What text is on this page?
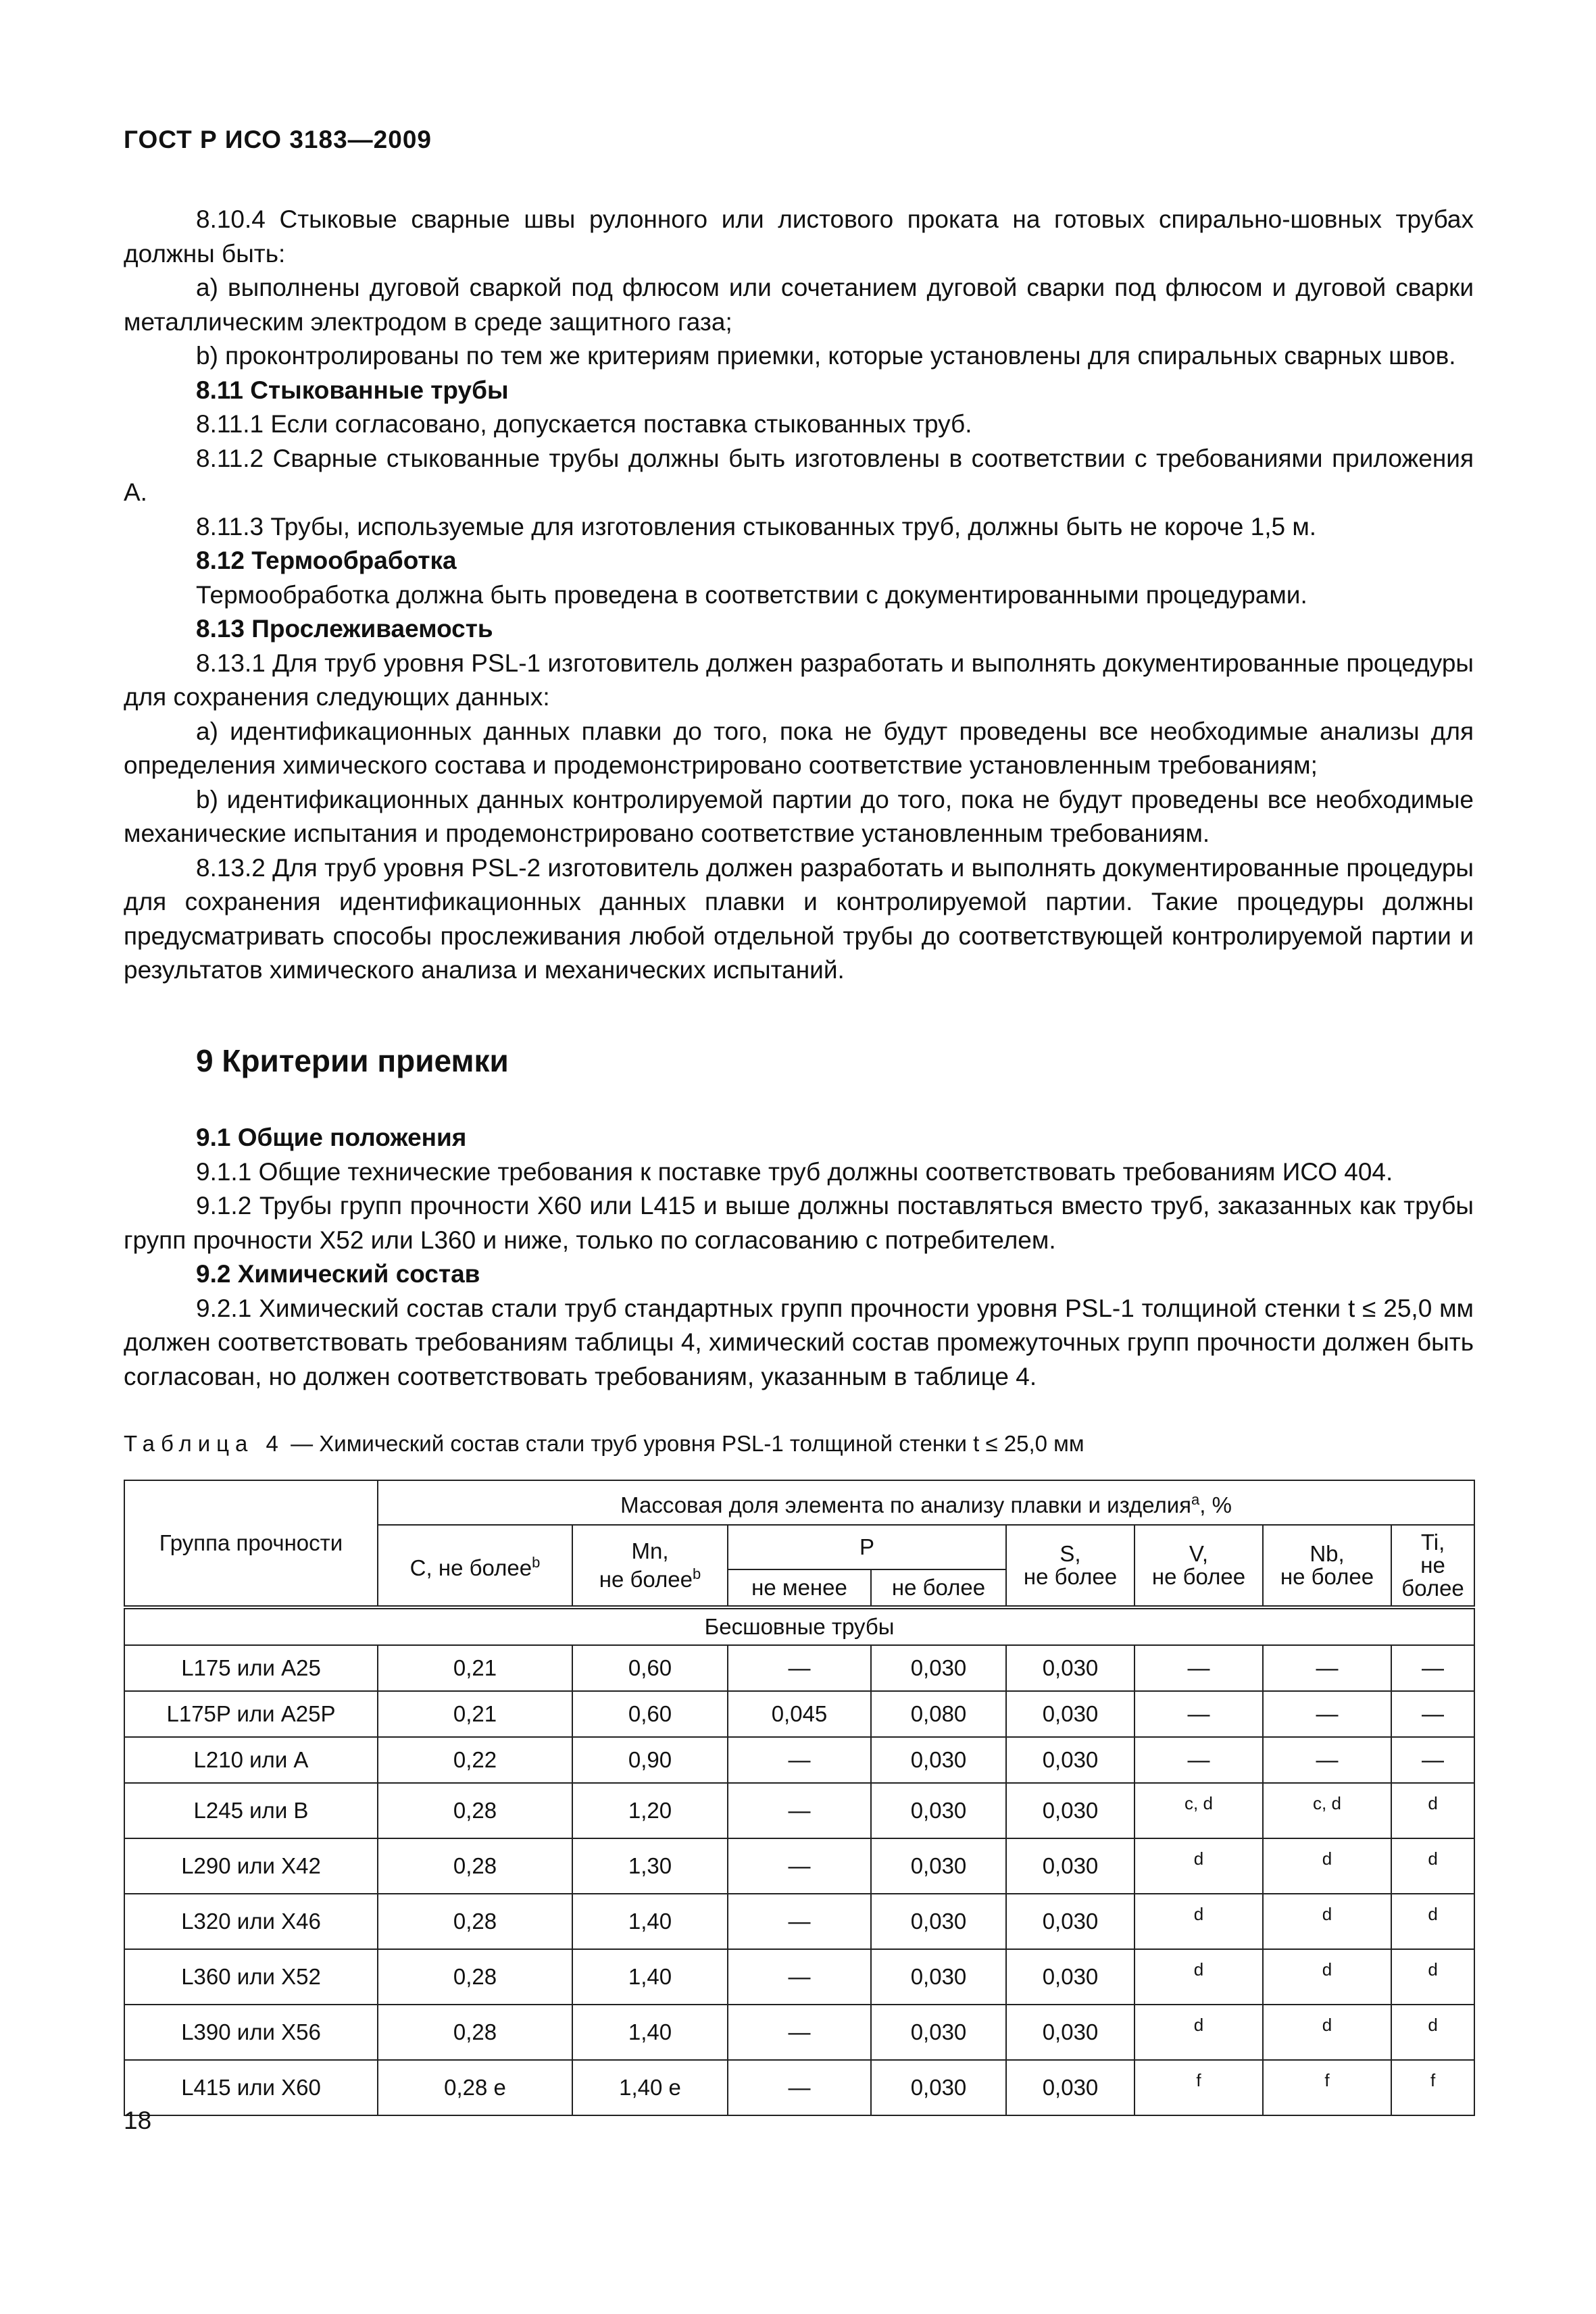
ГОСТ Р ИСО 3183—2009

8.10.4 Стыковые сварные швы рулонного или листового проката на готовых спирально-шовных трубах должны быть:

a) выполнены дуговой сваркой под флюсом или сочетанием дуговой сварки под флюсом и дуговой сварки металлическим электродом в среде защитного газа;

b) проконтролированы по тем же критериям приемки, которые установлены для спиральных сварных швов.

8.11 Стыкованные трубы

8.11.1 Если согласовано, допускается поставка стыкованных труб.

8.11.2 Сварные стыкованные трубы должны быть изготовлены в соответствии с требованиями приложения А.

8.11.3 Трубы, используемые для изготовления стыкованных труб, должны быть не короче 1,5 м.

8.12 Термообработка

Термообработка должна быть проведена в соответствии с документированными процедурами.

8.13 Прослеживаемость

8.13.1 Для труб уровня PSL-1 изготовитель должен разработать и выполнять документированные процедуры для сохранения следующих данных:

a) идентификационных данных плавки до того, пока не будут проведены все необходимые анализы для определения химического состава и продемонстрировано соответствие установленным требованиям;

b) идентификационных данных контролируемой партии до того, пока не будут проведены все необходимые механические испытания и продемонстрировано соответствие установленным требованиям.

8.13.2 Для труб уровня PSL-2 изготовитель должен разработать и выполнять документированные процедуры для сохранения идентификационных данных плавки и контролируемой партии. Такие процедуры должны предусматривать способы прослеживания любой отдельной трубы до соответствующей контролируемой партии и результатов химического анализа и механических испытаний.

9 Критерии приемки

9.1 Общие положения

9.1.1 Общие технические требования к поставке труб должны соответствовать требованиям ИСО 404.

9.1.2 Трубы групп прочности Х60 или L415 и выше должны поставляться вместо труб, заказанных как трубы групп прочности Х52 или L360 и ниже, только по согласованию с потребителем.

9.2 Химический состав

9.2.1 Химический состав стали труб стандартных групп прочности уровня PSL-1 толщиной стенки t ≤ 25,0 мм должен соответствовать требованиям таблицы 4, химический состав промежуточных групп прочности должен быть согласован, но должен соответствовать требованиям, указанным в таблице 4.

Таблица 4 — Химический состав стали труб уровня PSL-1 толщиной стенки t ≤ 25,0 мм
Группа прочности	Массовая доля элемента по анализу плавки и изделия$^a$, %							
	С, не более$^b$	Mn,
не более$^b$	P		S,
не более	V,
не более	Nb,
не более	Ti,
не более
			не менее	не более				
Бесшовные трубы								
L175 или А25	0,21	0,60	—	0,030	0,030	—	—	—
L175P или А25P	0,21	0,60	0,045	0,080	0,030	—	—	—
L210 или А	0,22	0,90	—	0,030	0,030	—	—	—
L245 или В	0,28	1,20	—	0,030	0,030	c, d	c, d	d
L290 или Х42	0,28	1,30	—	0,030	0,030	d	d	d
L320 или Х46	0,28	1,40	—	0,030	0,030	d	d	d
L360 или Х52	0,28	1,40	—	0,030	0,030	d	d	d
L390 или Х56	0,28	1,40	—	0,030	0,030	d	d	d
L415 или Х60	0,28 e	1,40 e	—	0,030	0,030	f	f	f
18
